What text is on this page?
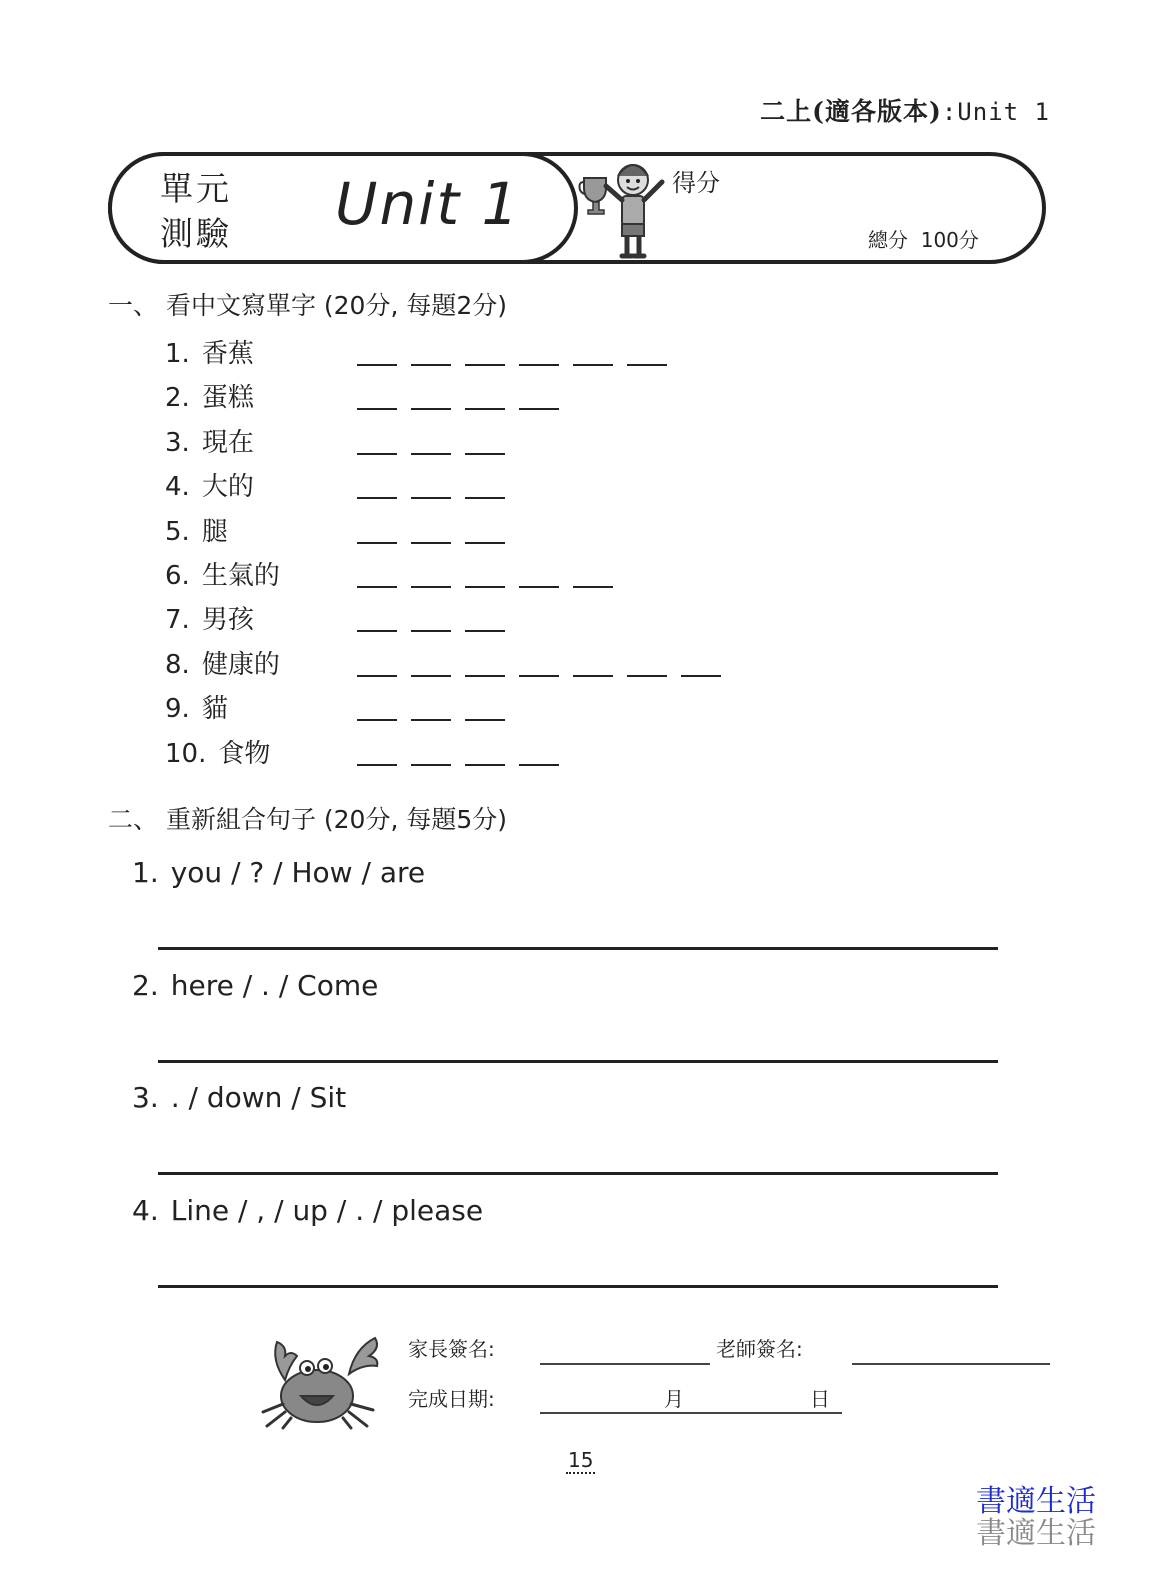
二上(適各版本):Unit 1
單元
測驗 Unit 1	得分
總分 100分
一、 看中文寫單字 (20分, 每題2分)
1. 香蕉
2. 蛋糕
3. 現在
4. 大的
5. 腿
6. 生氣的
7. 男孩
8. 健康的
9. 貓
10. 食物
二、 重新組合句子 (20分, 每題5分)
1. you / ? / How / are
2. here / . / Come
3. . / down / Sit
4. Line / , / up / . / please
家長簽名:	老師簽名:
完成日期:	月	日
15
書適生活
書適生活
